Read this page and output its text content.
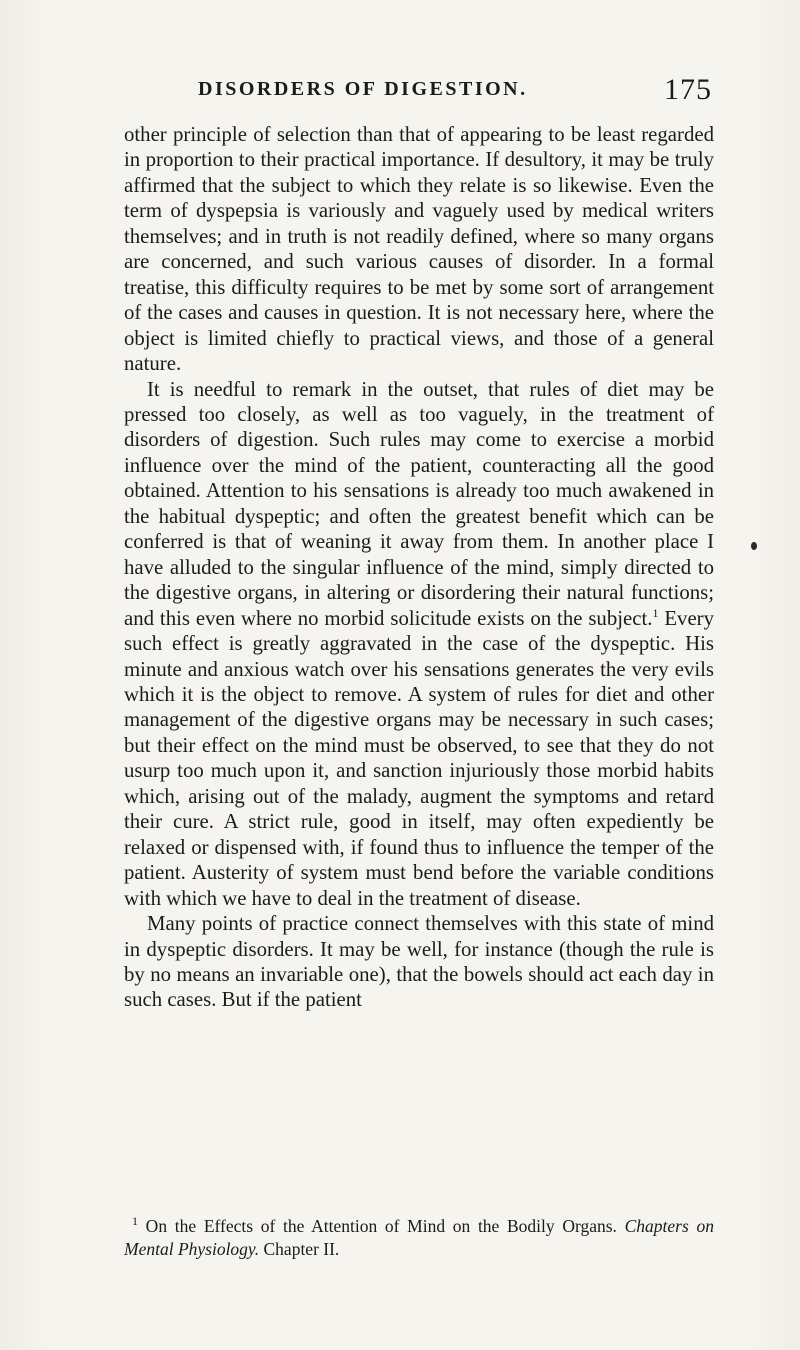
DISORDERS OF DIGESTION.	175

other principle of selection than that of appearing to be least regarded in proportion to their practical importance. If desultory, it may be truly affirmed that the subject to which they relate is so likewise. Even the term of dyspepsia is variously and vaguely used by medical writers themselves; and in truth is not readily defined, where so many organs are concerned, and such various causes of disorder. In a formal treatise, this difficulty requires to be met by some sort of arrangement of the cases and causes in question. It is not necessary here, where the object is limited chiefly to practical views, and those of a general nature.

It is needful to remark in the outset, that rules of diet may be pressed too closely, as well as too vaguely, in the treatment of disorders of digestion. Such rules may come to exercise a morbid influence over the mind of the patient, counteracting all the good obtained. Attention to his sensations is already too much awakened in the habitual dyspeptic; and often the greatest benefit which can be conferred is that of weaning it away from them. In another place I have alluded to the singular influence of the mind, simply directed to the digestive organs, in altering or disordering their natural functions; and this even where no morbid solicitude exists on the subject.$^1$ Every such effect is greatly aggravated in the case of the dyspeptic. His minute and anxious watch over his sensations generates the very evils which it is the object to remove. A system of rules for diet and other management of the digestive organs may be necessary in such cases; but their effect on the mind must be observed, to see that they do not usurp too much upon it, and sanction injuriously those morbid habits which, arising out of the malady, augment the symptoms and retard their cure. A strict rule, good in itself, may often expediently be relaxed or dispensed with, if found thus to influence the temper of the patient. Austerity of system must bend before the variable conditions with which we have to deal in the treatment of disease.

Many points of practice connect themselves with this state of mind in dyspeptic disorders. It may be well, for instance (though the rule is by no means an invariable one), that the bowels should act each day in such cases. But if the patient

$^1$ On the Effects of the Attention of Mind on the Bodily Organs. Chapters on Mental Physiology. Chapter II.
